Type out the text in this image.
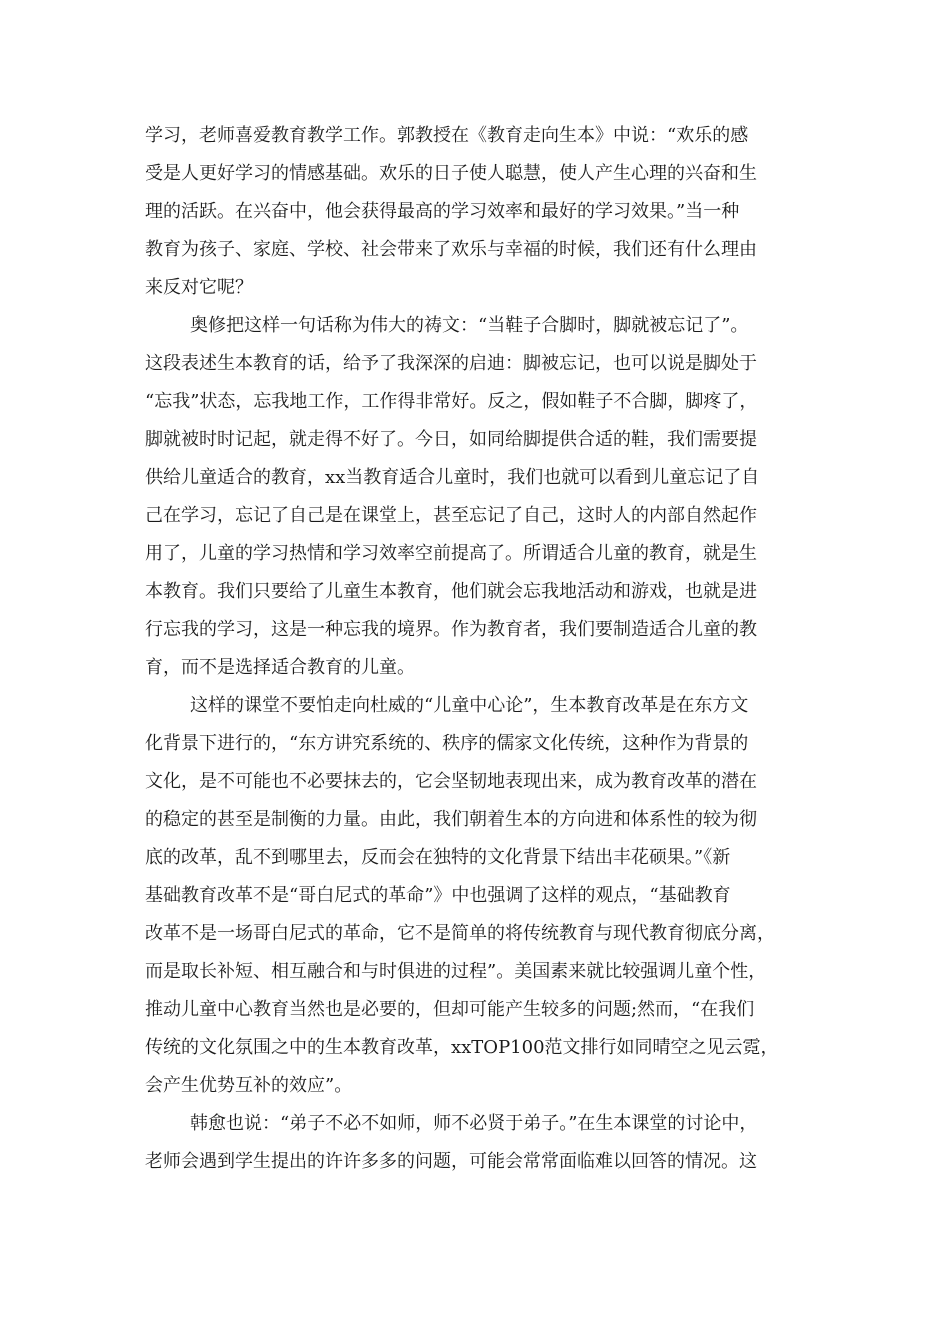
学习，老师喜爱教育教学工作。郭教授在《教育走向生本》中说：“欢乐的感
受是人更好学习的情感基础。欢乐的日子使人聪慧，使人产生心理的兴奋和生
理的活跃。在兴奋中，他会获得最高的学习效率和最好的学习效果。”当一种
教育为孩子、家庭、学校、社会带来了欢乐与幸福的时候，我们还有什么理由
来反对它呢？
奥修把这样一句话称为伟大的祷文：“当鞋子合脚时，脚就被忘记了”。
这段表述生本教育的话，给予了我深深的启迪：脚被忘记，也可以说是脚处于
“忘我”状态，忘我地工作，工作得非常好。反之，假如鞋子不合脚，脚疼了，
脚就被时时记起，就走得不好了。今日，如同给脚提供合适的鞋，我们需要提
供给儿童适合的教育，xx当教育适合儿童时，我们也就可以看到儿童忘记了自
己在学习，忘记了自己是在课堂上，甚至忘记了自己，这时人的内部自然起作
用了，儿童的学习热情和学习效率空前提高了。所谓适合儿童的教育，就是生
本教育。我们只要给了儿童生本教育，他们就会忘我地活动和游戏，也就是进
行忘我的学习，这是一种忘我的境界。作为教育者，我们要制造适合儿童的教
育，而不是选择适合教育的儿童。
这样的课堂不要怕走向杜威的“儿童中心论”，生本教育改革是在东方文
化背景下进行的，“东方讲究系统的、秩序的儒家文化传统，这种作为背景的
文化，是不可能也不必要抹去的，它会坚韧地表现出来，成为教育改革的潜在
的稳定的甚至是制衡的力量。由此，我们朝着生本的方向进和体系性的较为彻
底的改革，乱不到哪里去，反而会在独特的文化背景下结出丰花硕果。”《新
基础教育改革不是“哥白尼式的革命”》中也强调了这样的观点，“基础教育
改革不是一场哥白尼式的革命，它不是简单的将传统教育与现代教育彻底分离，
而是取长补短、相互融合和与时俱进的过程”。美国素来就比较强调儿童个性，
推动儿童中心教育当然也是必要的，但却可能产生较多的问题;然而，“在我们
传统的文化氛围之中的生本教育改革，xxTOP100范文排行如同晴空之见云霓，
会产生优势互补的效应”。
韩愈也说：“弟子不必不如师，师不必贤于弟子。”在生本课堂的讨论中，
老师会遇到学生提出的许许多多的问题，可能会常常面临难以回答的情况。这
